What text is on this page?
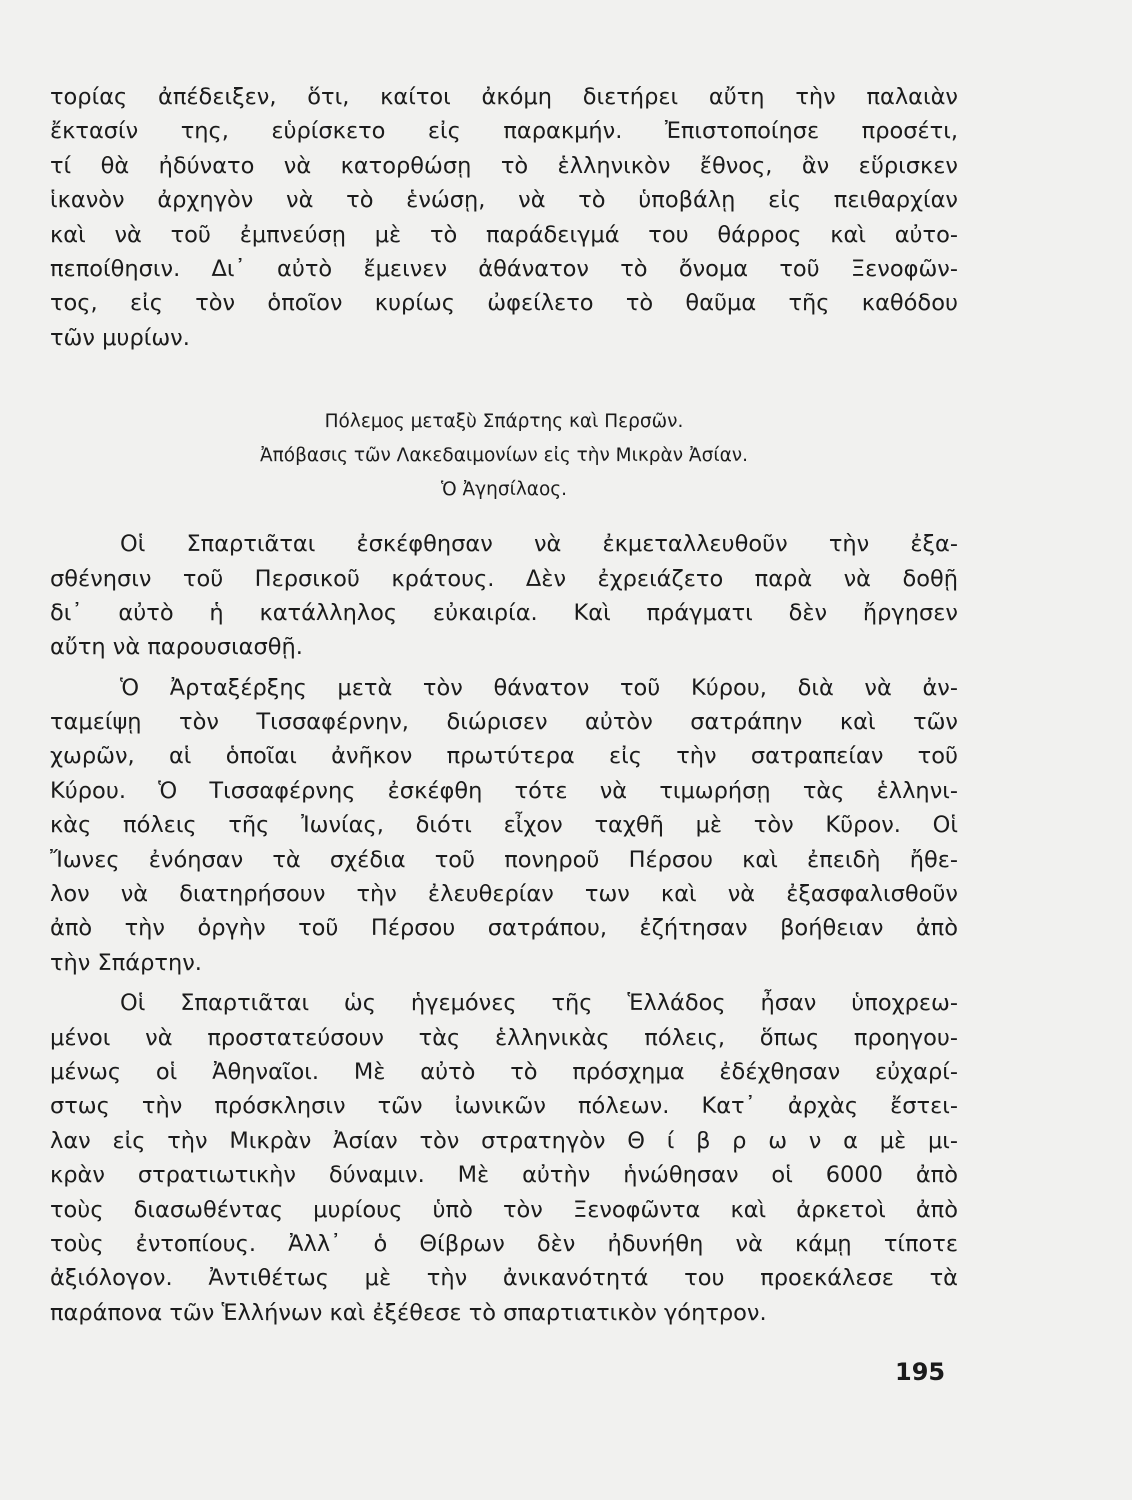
τορίας ἀπέδειξεν, ὅτι, καίτοι ἀκόμη διετήρει αὔτη τὴν παλαιὰν
ἔκτασίν της, εὑρίσκετο εἰς παρακμήν. Ἐπιστοποίησε προσέτι,
τί θὰ ἠδύνατο νὰ κατορθώσῃ τὸ ἑλληνικὸν ἔθνος, ἂν εὕρισκεν
ἱκανὸν ἀρχηγὸν νὰ τὸ ἑνώσῃ, νὰ τὸ ὑποβάλῃ εἰς πειθαρχίαν
καὶ νὰ τοῦ ἐμπνεύσῃ μὲ τὸ παράδειγμά του θάρρος καὶ αὐτο-
πεποίθησιν. Δι᾽ αὐτὸ ἔμεινεν ἀθάνατον τὸ ὄνομα τοῦ Ξενοφῶν-
τος, εἰς τὸν ὁποῖον κυρίως ὠφείλετο τὸ θαῦμα τῆς καθόδου
τῶν μυρίων.
Πόλεμος μεταξὺ Σπάρτης καὶ Περσῶν.
Ἀπόβασις τῶν Λακεδαιμονίων εἰς τὴν Μικρὰν Ἀσίαν.
Ὁ Ἀγησίλαος.
Οἱ Σπαρτιᾶται ἐσκέφθησαν νὰ ἐκμεταλλευθοῦν τὴν ἐξα-
σθένησιν τοῦ Περσικοῦ κράτους. Δὲν ἐχρειάζετο παρὰ νὰ δοθῇ
δι᾽ αὐτὸ ἡ κατάλληλος εὐκαιρία. Καὶ πράγματι δὲν ἤργησεν
αὔτη νὰ παρουσιασθῇ.
Ὁ Ἀρταξέρξης μετὰ τὸν θάνατον τοῦ Κύρου, διὰ νὰ ἀν-
ταμείψῃ τὸν Τισσαφέρνην, διώρισεν αὐτὸν σατράπην καὶ τῶν
χωρῶν, αἱ ὁποῖαι ἀνῆκον πρωτύτερα εἰς τὴν σατραπείαν τοῦ
Κύρου. Ὁ Τισσαφέρνης ἐσκέφθη τότε νὰ τιμωρήσῃ τὰς ἑλληνι-
κὰς πόλεις τῆς Ἰωνίας, διότι εἶχον ταχθῆ μὲ τὸν Κῦρον. Οἱ
Ἴωνες ἐνόησαν τὰ σχέδια τοῦ πονηροῦ Πέρσου καὶ ἐπειδὴ ἤθε-
λον νὰ διατηρήσουν τὴν ἐλευθερίαν των καὶ νὰ ἐξασφαλισθοῦν
ἀπὸ τὴν ὀργὴν τοῦ Πέρσου σατράπου, ἐζήτησαν βοήθειαν ἀπὸ
τὴν Σπάρτην.
Οἱ Σπαρτιᾶται ὡς ἡγεμόνες τῆς Ἑλλάδος ἦσαν ὑποχρεω-
μένοι νὰ προστατεύσουν τὰς ἑλληνικὰς πόλεις, ὅπως προηγου-
μένως οἱ Ἀθηναῖοι. Μὲ αὐτὸ τὸ πρόσχημα ἐδέχθησαν εὐχαρί-
στως τὴν πρόσκλησιν τῶν ἰωνικῶν πόλεων. Κατ᾽ ἀρχὰς ἔστει-
λαν εἰς τὴν Μικρὰν Ἀσίαν τὸν στρατηγὸν Θ ί β ρ ω ν α μὲ μι-
κρὰν στρατιωτικὴν δύναμιν. Μὲ αὐτὴν ἡνώθησαν οἱ 6000 ἀπὸ
τοὺς διασωθέντας μυρίους ὑπὸ τὸν Ξενοφῶντα καὶ ἀρκετοὶ ἀπὸ
τοὺς ἐντοπίους. Ἀλλ᾽ ὁ Θίβρων δὲν ἠδυνήθη νὰ κάμῃ τίποτε
ἀξιόλογον. Ἀντιθέτως μὲ τὴν ἀνικανότητά του προεκάλεσε τὰ
παράπονα τῶν Ἑλλήνων καὶ ἐξέθεσε τὸ σπαρτιατικὸν γόητρον.
195
